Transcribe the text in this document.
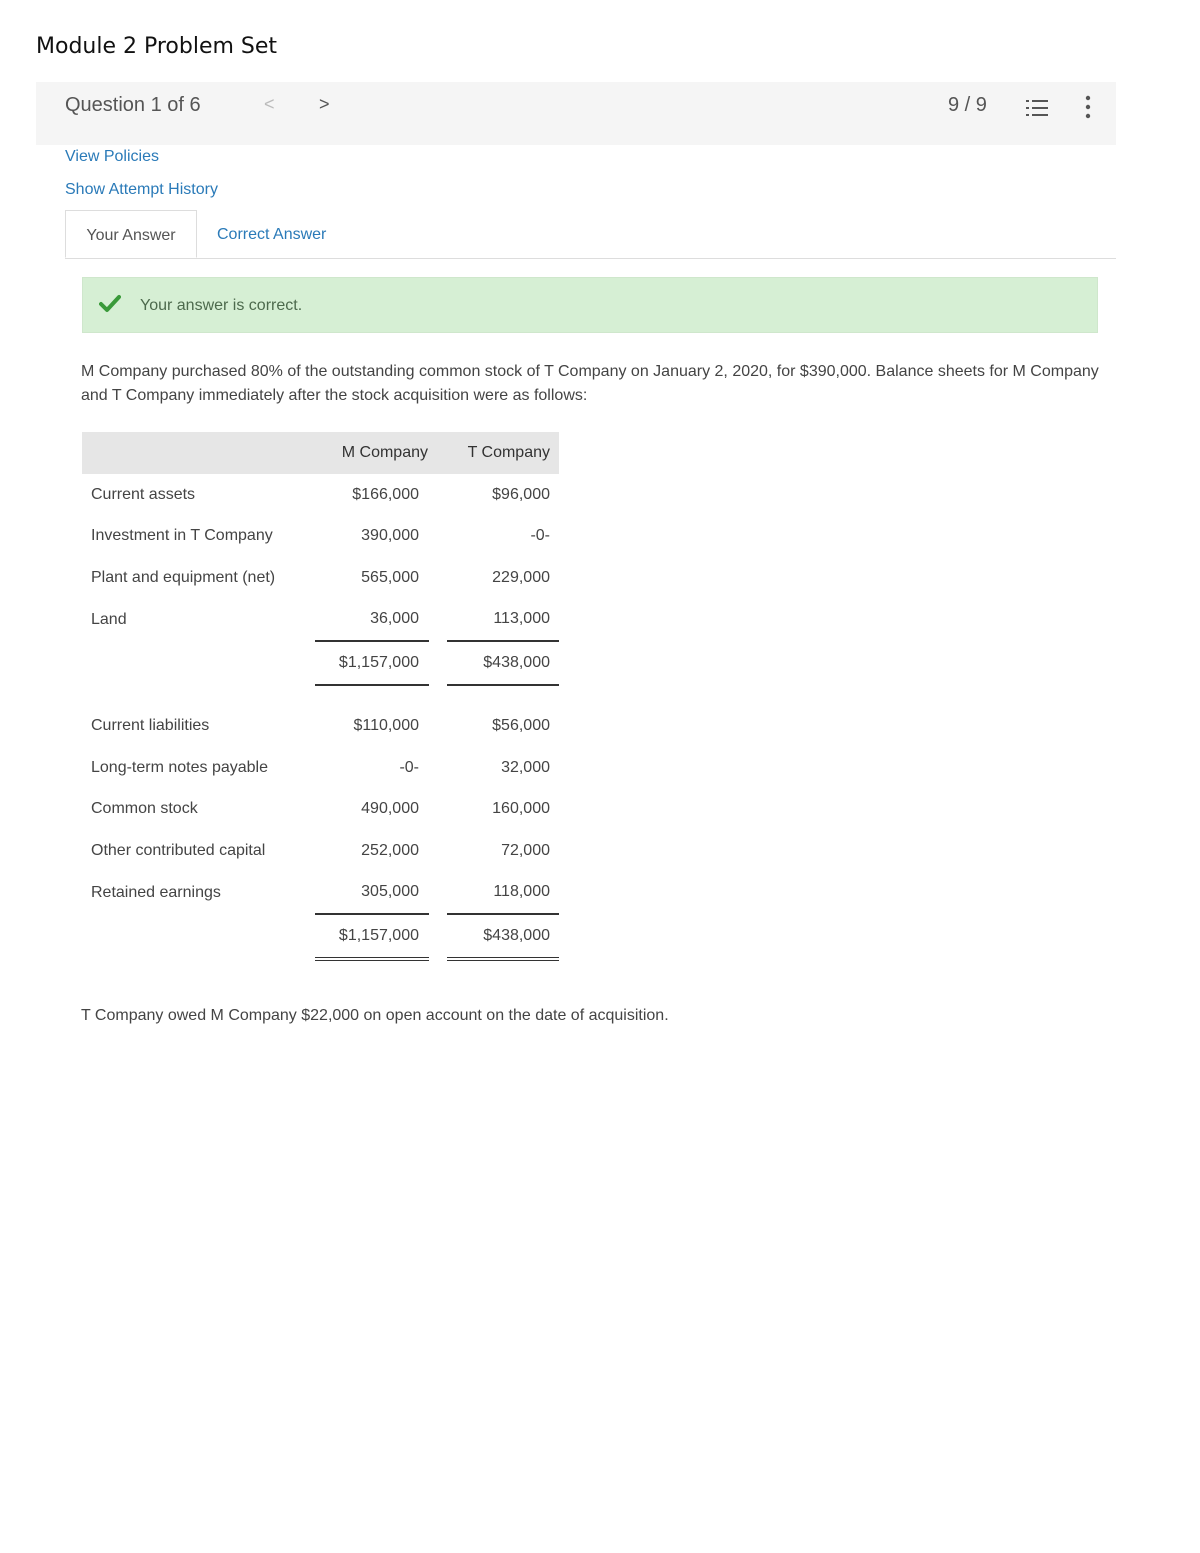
Module 2 Problem Set
Question 1 of 6	< >	9 / 9
View Policies
Show Attempt History
Your Answer	Correct Answer
Your answer is correct.
M Company purchased 80% of the outstanding common stock of T Company on January 2, 2020, for $390,000. Balance sheets for M Company and T Company immediately after the stock acquisition were as follows:
	M Company	T Company
Current assets	$166,000	$96,000
Investment in T Company	390,000	-0-
Plant and equipment (net)	565,000	229,000
Land	36,000	113,000
	$1,157,000	$438,000

Current liabilities	$110,000	$56,000
Long-term notes payable	-0-	32,000
Common stock	490,000	160,000
Other contributed capital	252,000	72,000
Retained earnings	305,000	118,000
	$1,157,000	$438,000
T Company owed M Company $22,000 on open account on the date of acquisition.
